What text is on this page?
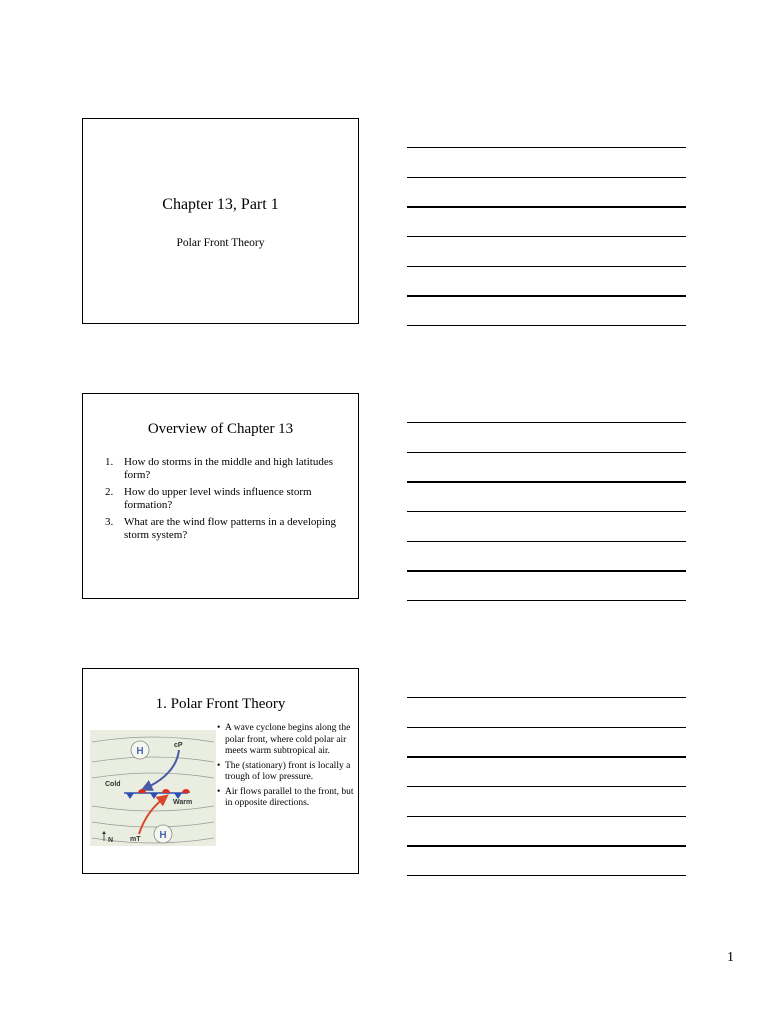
Chapter 13, Part 1
Polar Front Theory
Overview of Chapter 13
1. How do storms in the middle and high latitudes form?
2. How do upper level winds influence storm formation?
3. What are the wind flow patterns in a developing storm system?
1. Polar Front Theory
H
H
cP
Cold
Warm
mT
N
• A wave cyclone begins along the polar front, where cold polar air meets warm subtropical air.
• The (stationary) front is locally a trough of low pressure.
• Air flows parallel to the front, but in opposite directions.
1
